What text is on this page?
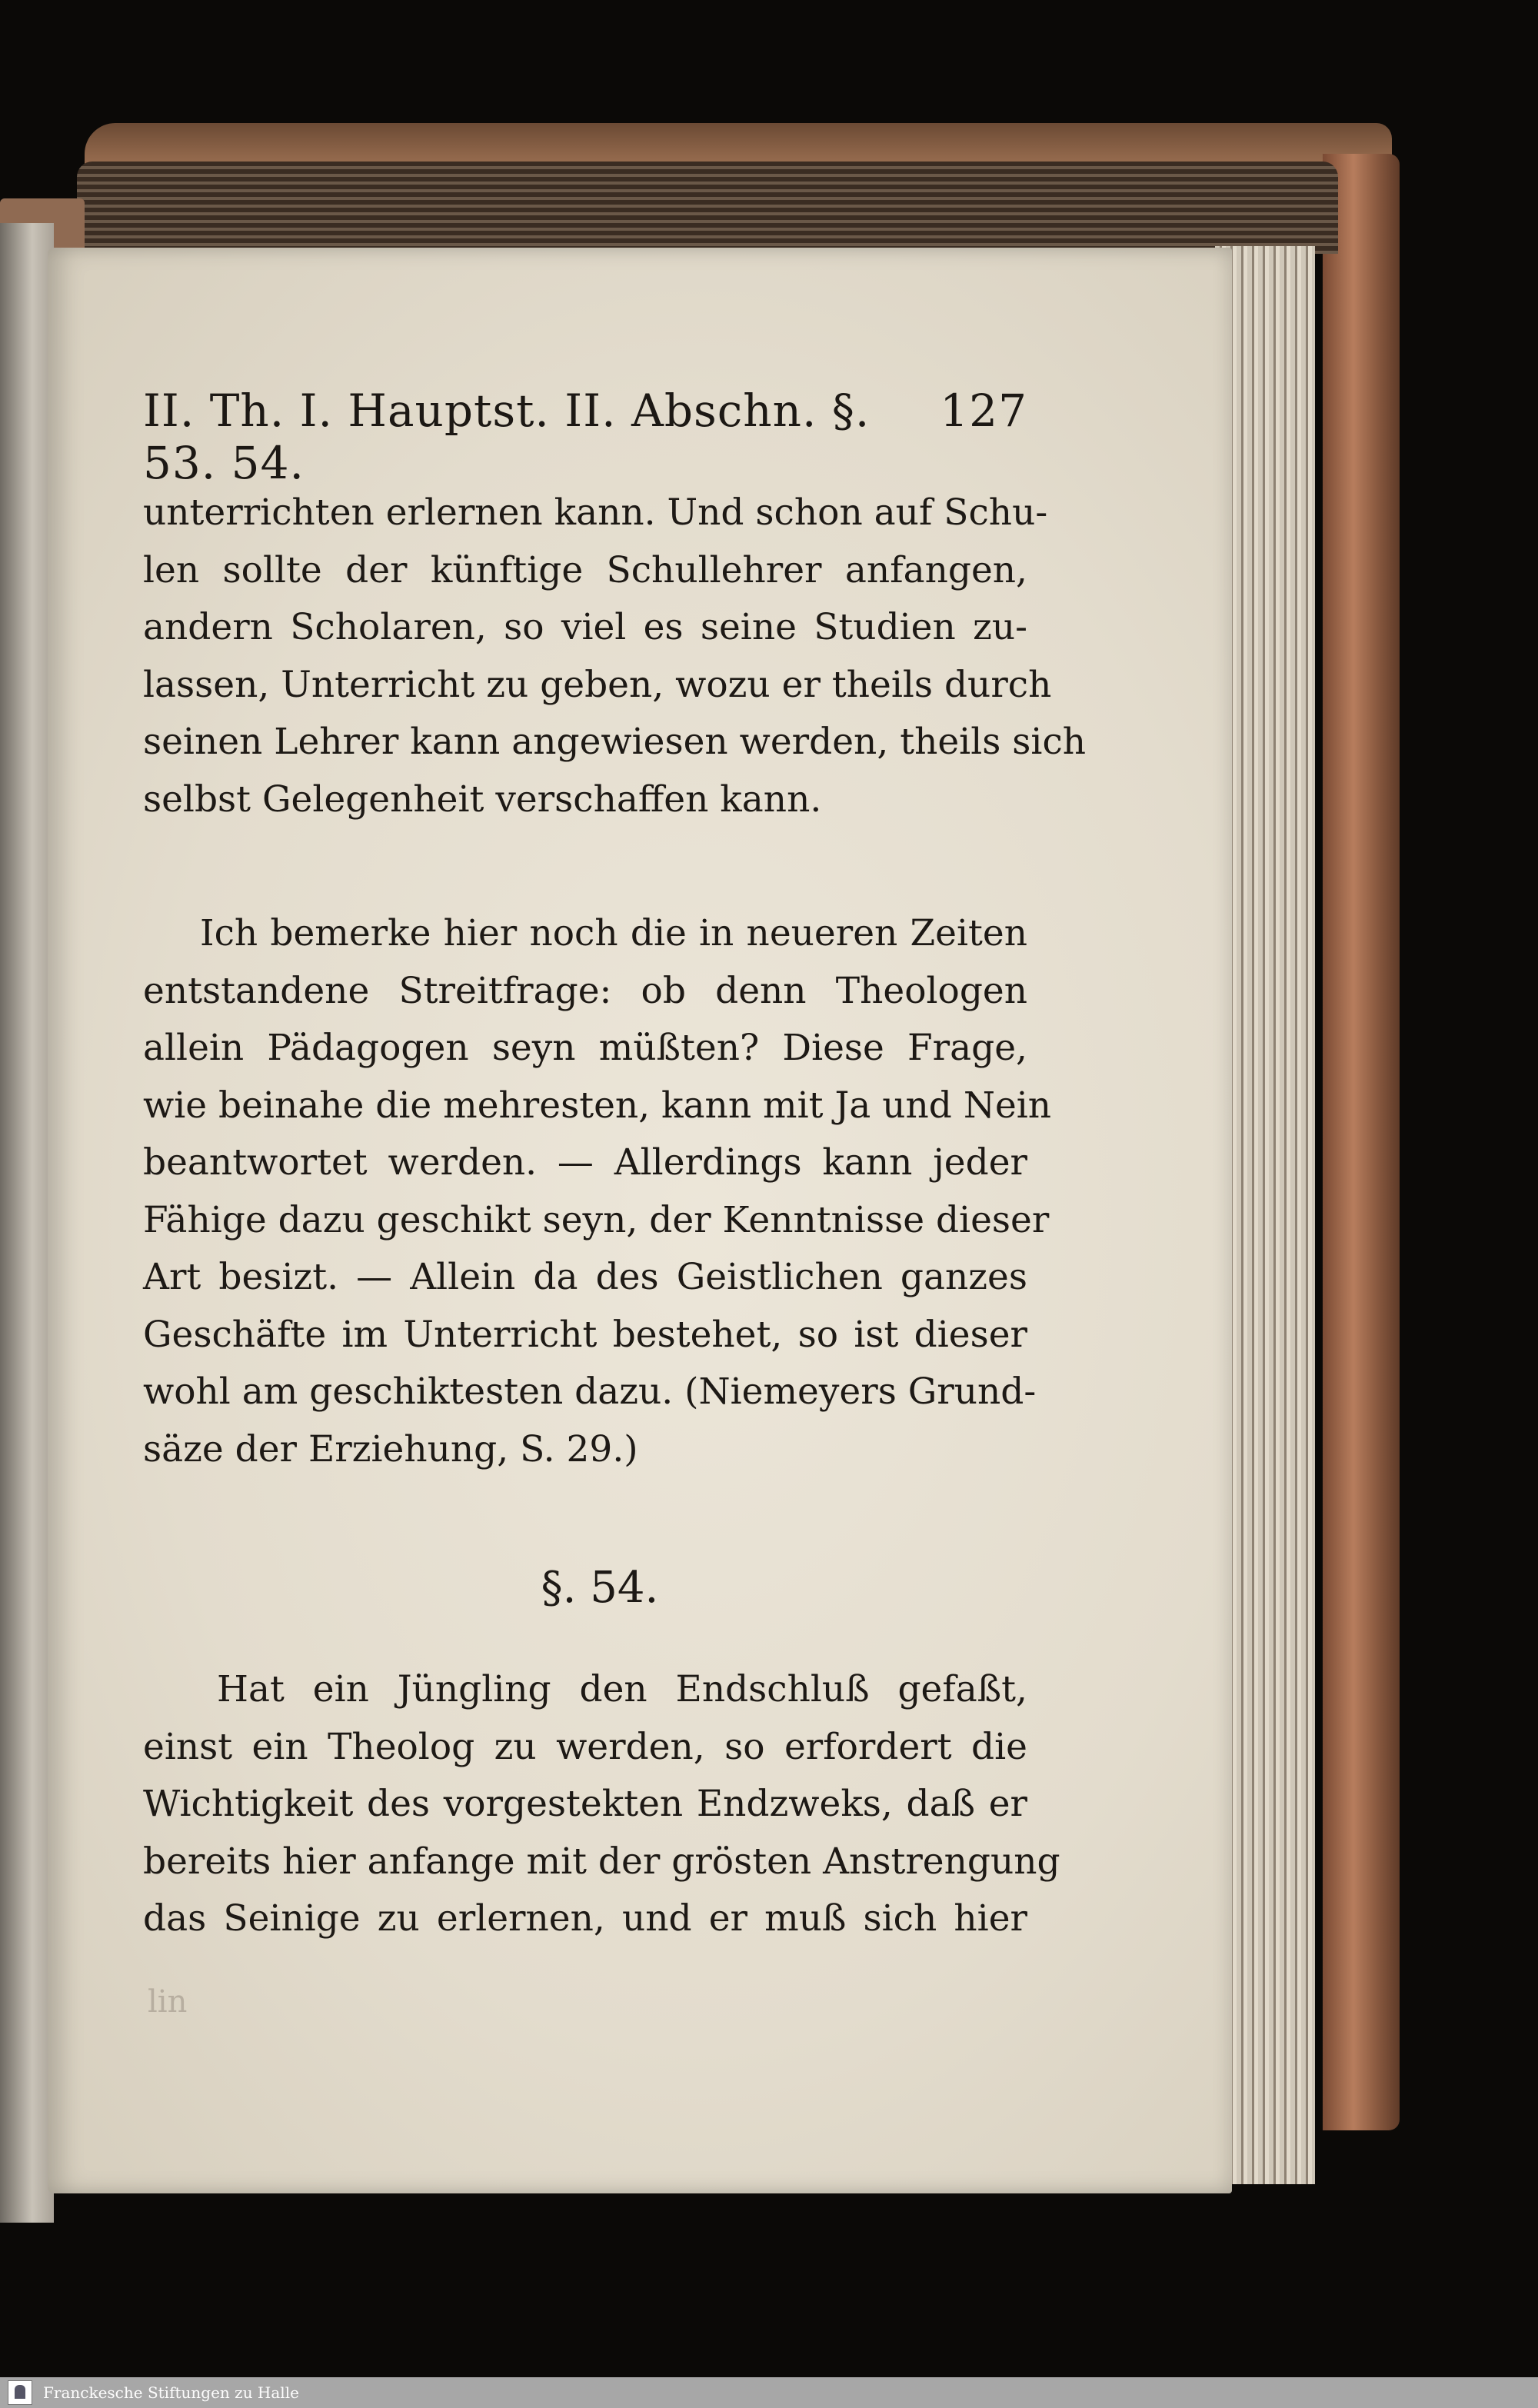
II. Th. I. Hauptst. II. Abschn. §. 53. 54.
127
unterrichten erlernen kann. Und schon auf Schu-
len sollte der künftige Schullehrer anfangen,
andern Scholaren, so viel es seine Studien zu-
lassen, Unterricht zu geben, wozu er theils durch
seinen Lehrer kann angewiesen werden, theils sich
selbst Gelegenheit verschaffen kann.
Ich bemerke hier noch die in neueren Zeiten
entstandene Streitfrage: ob denn Theologen
allein Pädagogen seyn müßten? Diese Frage,
wie beinahe die mehresten, kann mit Ja und Nein
beantwortet werden. — Allerdings kann jeder
Fähige dazu geschikt seyn, der Kenntnisse dieser
Art besizt. — Allein da des Geistlichen ganzes
Geschäfte im Unterricht bestehet, so ist dieser
wohl am geschiktesten dazu. (Niemeyers Grund-
säze der Erziehung, S. 29.)
§. 54.
Hat ein Jüngling den Endschluß gefaßt,
einst ein Theolog zu werden, so erfordert die
Wichtigkeit des vorgestekten Endzweks, daß er
bereits hier anfange mit der grösten Anstrengung
das Seinige zu erlernen, und er muß sich hier
lin
Franckesche Stiftungen zu Halle
